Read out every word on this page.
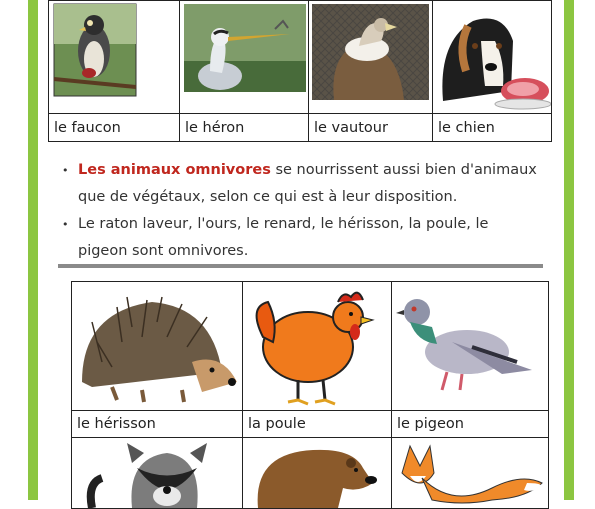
le faucon	le héron	le vautour	le chien
• Les animaux omnivores se nourrissent aussi bien d'animaux que de végétaux, selon ce qui est à leur disposition.
• Le raton laveur, l'ours, le renard, le hérisson, la poule, le pigeon sont omnivores.

le hérisson	la poule	le pigeon
